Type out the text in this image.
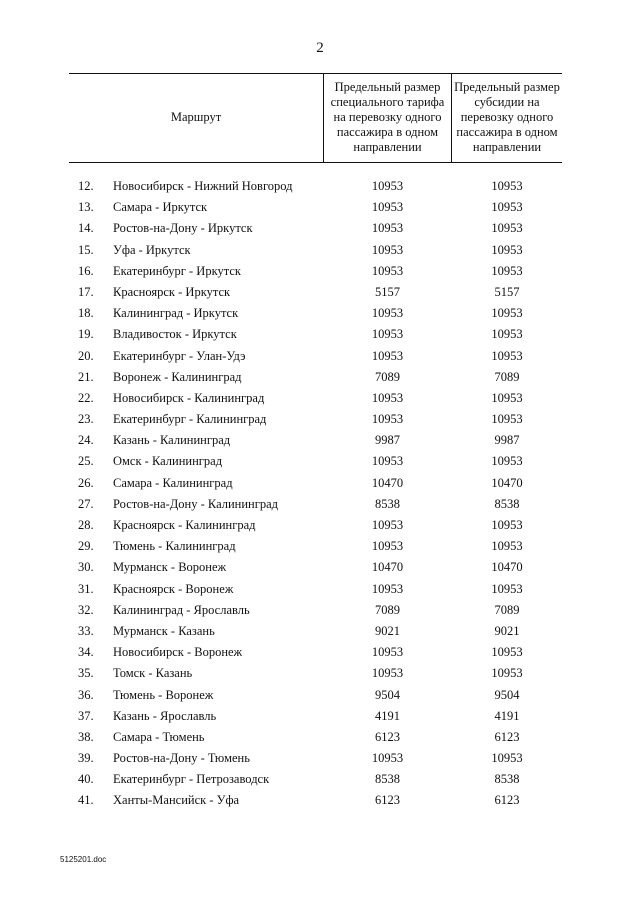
2
Маршрут
Предельный размер специального тарифа на перевозку одного пассажира в одном направлении
Предельный размер субсидии на перевозку одного пассажира в одном направлении
12.	Новосибирск - Нижний Новгород	10953	10953
13.	Самара - Иркутск	10953	10953
14.	Ростов-на-Дону - Иркутск	10953	10953
15.	Уфа - Иркутск	10953	10953
16.	Екатеринбург - Иркутск	10953	10953
17.	Красноярск - Иркутск	5157	5157
18.	Калининград - Иркутск	10953	10953
19.	Владивосток - Иркутск	10953	10953
20.	Екатеринбург - Улан-Удэ	10953	10953
21.	Воронеж - Калининград	7089	7089
22.	Новосибирск - Калининград	10953	10953
23.	Екатеринбург - Калининград	10953	10953
24.	Казань - Калининград	9987	9987
25.	Омск - Калининград	10953	10953
26.	Самара - Калининград	10470	10470
27.	Ростов-на-Дону - Калининград	8538	8538
28.	Красноярск - Калининград	10953	10953
29.	Тюмень - Калининград	10953	10953
30.	Мурманск - Воронеж	10470	10470
31.	Красноярск - Воронеж	10953	10953
32.	Калининград - Ярославль	7089	7089
33.	Мурманск - Казань	9021	9021
34.	Новосибирск - Воронеж	10953	10953
35.	Томск - Казань	10953	10953
36.	Тюмень - Воронеж	9504	9504
37.	Казань - Ярославль	4191	4191
38.	Самара - Тюмень	6123	6123
39.	Ростов-на-Дону - Тюмень	10953	10953
40.	Екатеринбург - Петрозаводск	8538	8538
41.	Ханты-Мансийск - Уфа	6123	6123
5125201.doc
